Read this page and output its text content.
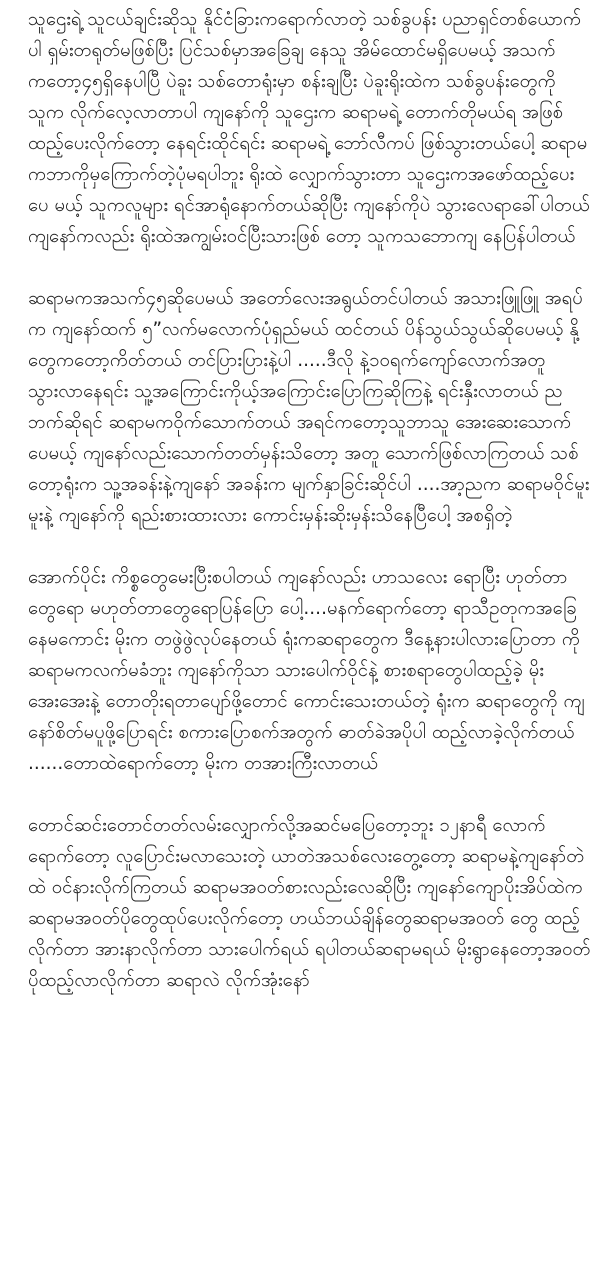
သူဌေးရဲ့ သူငယ်ချင်းဆိုသူ နိုင်ငံခြားကရောက်လာတဲ့ သစ်ခွပန်း ပညာရှင်တစ်ယောက်ပါ ရှမ်းတရုတ်မဖြစ်ပြီး ပြင်သစ်မှာအခြေချ နေသူ အိမ်ထောင်မရှိပေမယ့် အသက်ကတော့၄၅ရှိနေပါပြီ ပဲခူး သစ်တောရုံးမှာ စန်းချပြီး ပဲခူးရိုးထဲက သစ်ခွပန်းတွေကို သူက လိုက်လေ့လာတာပါ ကျနော်ကို သူဌေးက ဆရာမရဲ့ တောက်တိုမယ်ရ အဖြစ်ထည့်ပေးလိုက်တော့ နေရင်းထိုင်ရင်း ဆရာမရဲ့ ဘော်လီကပ် ဖြစ်သွားတယ်ပေါ့ ဆရာမကဘာကိုမှကြောက်တဲ့ပုံမရပါဘူး ရိုးထဲ လျှောက်သွားတာ သူဌေးကအဖော်ထည့်ပေးပေ မယ့် သူကလူများ ရင်အာရုံနောက်တယ်ဆိုပြီး ကျနော်ကိုပဲ သွားလေရာခေါ်ပါတယ် ကျနော်ကလည်း ရိုးထဲအကျွမ်းဝင်ပြီးသားဖြစ် တော့ သူကသဘောကျ နေပြန်ပါတယ်

ဆရာမကအသက်၄၅ဆိုပေမယ် အတော်လေးအရွယ်တင်ပါတယ် အသားဖြူဖြူ အရပ်က ကျနော်ထက် ၅”လက်မလောက်ပုံရှည်မယ် ထင်တယ် ပိန်သွယ်သွယ်ဆိုပေမယ့် နို့တွေကတော့ကိတ်တယ် တင်ပြားပြားနဲ့ပါ .....ဒီလို နဲ့၁၀ရက်ကျော်လောက်အတူသွားလာနေရင်း သူ့အကြောင်းကိုယ့်အကြောင်းပြောကြဆိုကြနဲ့ ရင်းနှီးလာတယ် ညဘက်ဆိုရင် ဆရာမကဝိုက်သောက်တယ် အရင်ကတော့သူဘာသူ အေးဆေးသောက်ပေမယ့် ကျနော်လည်းသောက်တတ်မှန်းသိတော့ အတူ သောက်ဖြစ်လာကြတယ် သစ်တော့ရုံးက သူ့အခန်းနဲ့ကျနော် အခန်းက မျက်နှာခြင်းဆိုင်ပါ ....အာ့ညက ဆရာမဝိုင်မူးမူးနဲ့ ကျနော်ကို ရည်းစားထားလား ကောင်းမှန်းဆိုးမှန်းသိနေပြီပေါ့ အစရှိတဲ့

အောက်ပိုင်း ကိစ္စတွေမေးပြီးစပါတယ် ကျနော်လည်း ဟာသလေး ရောပြီး ဟုတ်တာတွေရော မဟုတ်တာတွေရောပြန်ပြော ပေါ့....မနက်ရောက်တော့ ရာသီဥတုကအခြေနေမကောင်း မိုးက တဖွဲဖွဲလုပ်နေတယ် ရုံးကဆရာတွေက ဒီနေ့နားပါလားပြောတာ ကို ဆရာမကလက်မခံဘူး ကျနော်ကိုသာ သားပေါက်ဝိုင်နဲ့ စားစရာတွေပါထည့်ခဲ့ မိုးအေးအေးနဲ့ တောတိုးရတာပျော်ဖို့တောင် ကောင်းသေးတယ်တဲ့ ရုံးက ဆရာတွေကို ကျနော်စိတ်မပူဖို့ပြောရင်း စကားပြောစက်အတွက် ဓာတ်ခဲအပိုပါ ထည့်လာခဲ့လိုက်တယ် ......တောထဲရောက်တော့ မိုးက တအားကြီးလာတယ်

တောင်ဆင်းတောင်တတ်လမ်းလျှောက်လို့အဆင်မပြေတော့ဘူး ၁၂နာရီ လောက်ရောက်တော့ လူပြောင်းမလာသေးတဲ့ ယာတဲအသစ်လေးတွေ့တော့ ဆရာမနဲ့ကျနော်တဲထဲ ဝင်နားလိုက်ကြတယ် ဆရာမအဝတ်စားလည်းလေဆိုပြီး ကျနော်ကျောပိုးအိပ်ထဲက ဆရာမအဝတ်ပိုတွေထုပ်ပေးလိုက်တော့ ဟယ်ဘယ်ချိန်တွေဆရာမအဝတ် တွေ ထည့်လိုက်တာ အားနာလိုက်တာ သားပေါက်ရယ် ရပါတယ်ဆရာမရယ် မိုးရွာနေတော့အဝတ်ပိုထည့်လာလိုက်တာ ဆရာလဲ လိုက်အုံးနော်
